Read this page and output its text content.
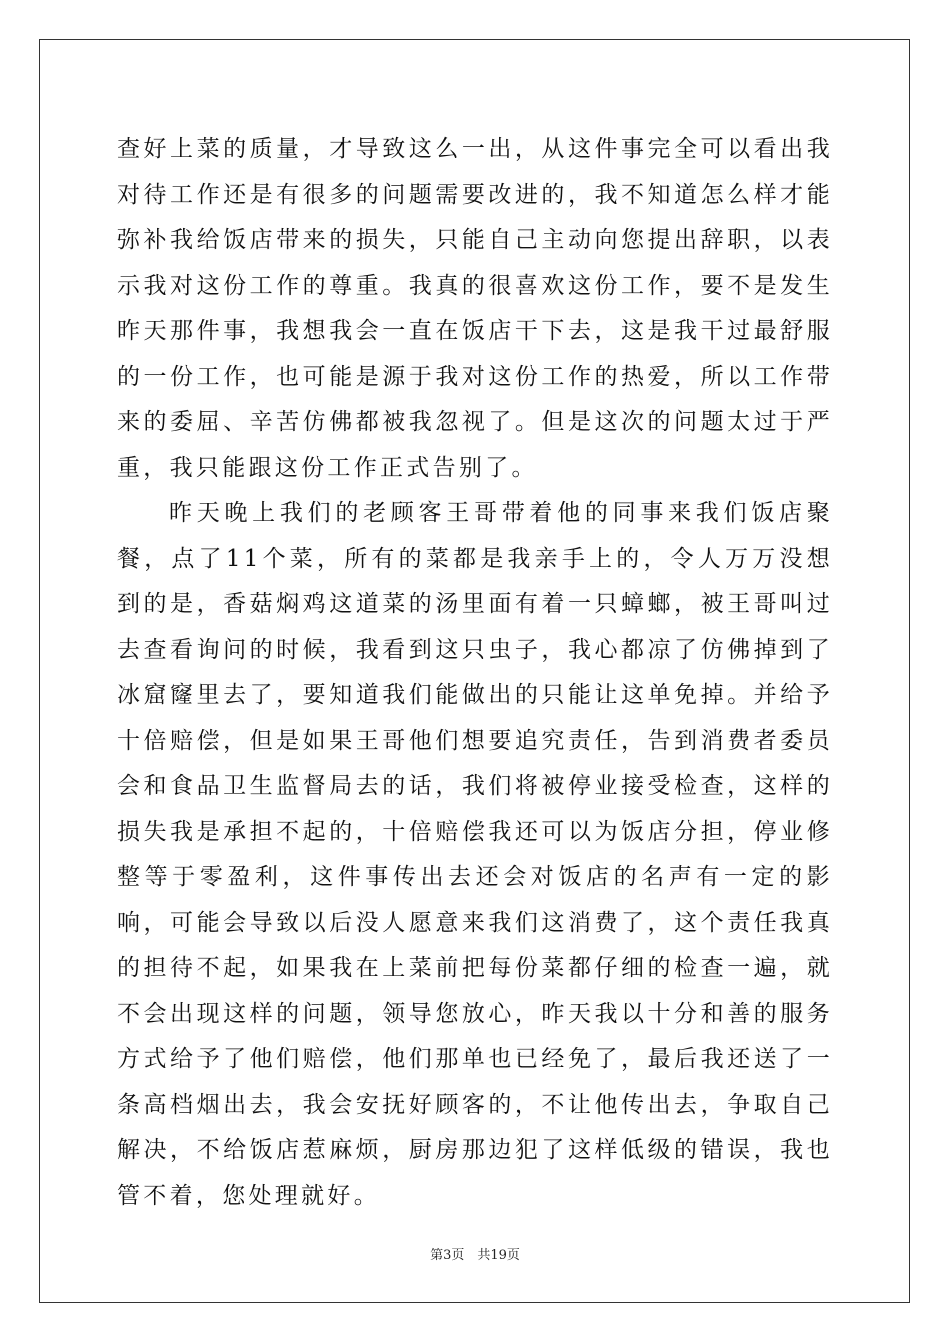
查好上菜的质量，才导致这么一出，从这件事完全可以看出我对待工作还是有很多的问题需要改进的，我不知道怎么样才能弥补我给饭店带来的损失，只能自己主动向您提出辞职，以表示我对这份工作的尊重。我真的很喜欢这份工作，要不是发生昨天那件事，我想我会一直在饭店干下去，这是我干过最舒服的一份工作，也可能是源于我对这份工作的热爱，所以工作带来的委屈、辛苦仿佛都被我忽视了。但是这次的问题太过于严重，我只能跟这份工作正式告别了。

昨天晚上我们的老顾客王哥带着他的同事来我们饭店聚餐，点了11个菜，所有的菜都是我亲手上的，令人万万没想到的是，香菇焖鸡这道菜的汤里面有着一只蟑螂，被王哥叫过去查看询问的时候，我看到这只虫子，我心都凉了仿佛掉到了冰窟窿里去了，要知道我们能做出的只能让这单免掉。并给予十倍赔偿，但是如果王哥他们想要追究责任，告到消费者委员会和食品卫生监督局去的话，我们将被停业接受检查，这样的损失我是承担不起的，十倍赔偿我还可以为饭店分担，停业修整等于零盈利，这件事传出去还会对饭店的名声有一定的影响，可能会导致以后没人愿意来我们这消费了，这个责任我真的担待不起，如果我在上菜前把每份菜都仔细的检查一遍，就不会出现这样的问题，领导您放心，昨天我以十分和善的服务方式给予了他们赔偿，他们那单也已经免了，最后我还送了一条高档烟出去，我会安抚好顾客的，不让他传出去，争取自己解决，不给饭店惹麻烦，厨房那边犯了这样低级的错误，我也管不着，您处理就好。

第3页　共19页
